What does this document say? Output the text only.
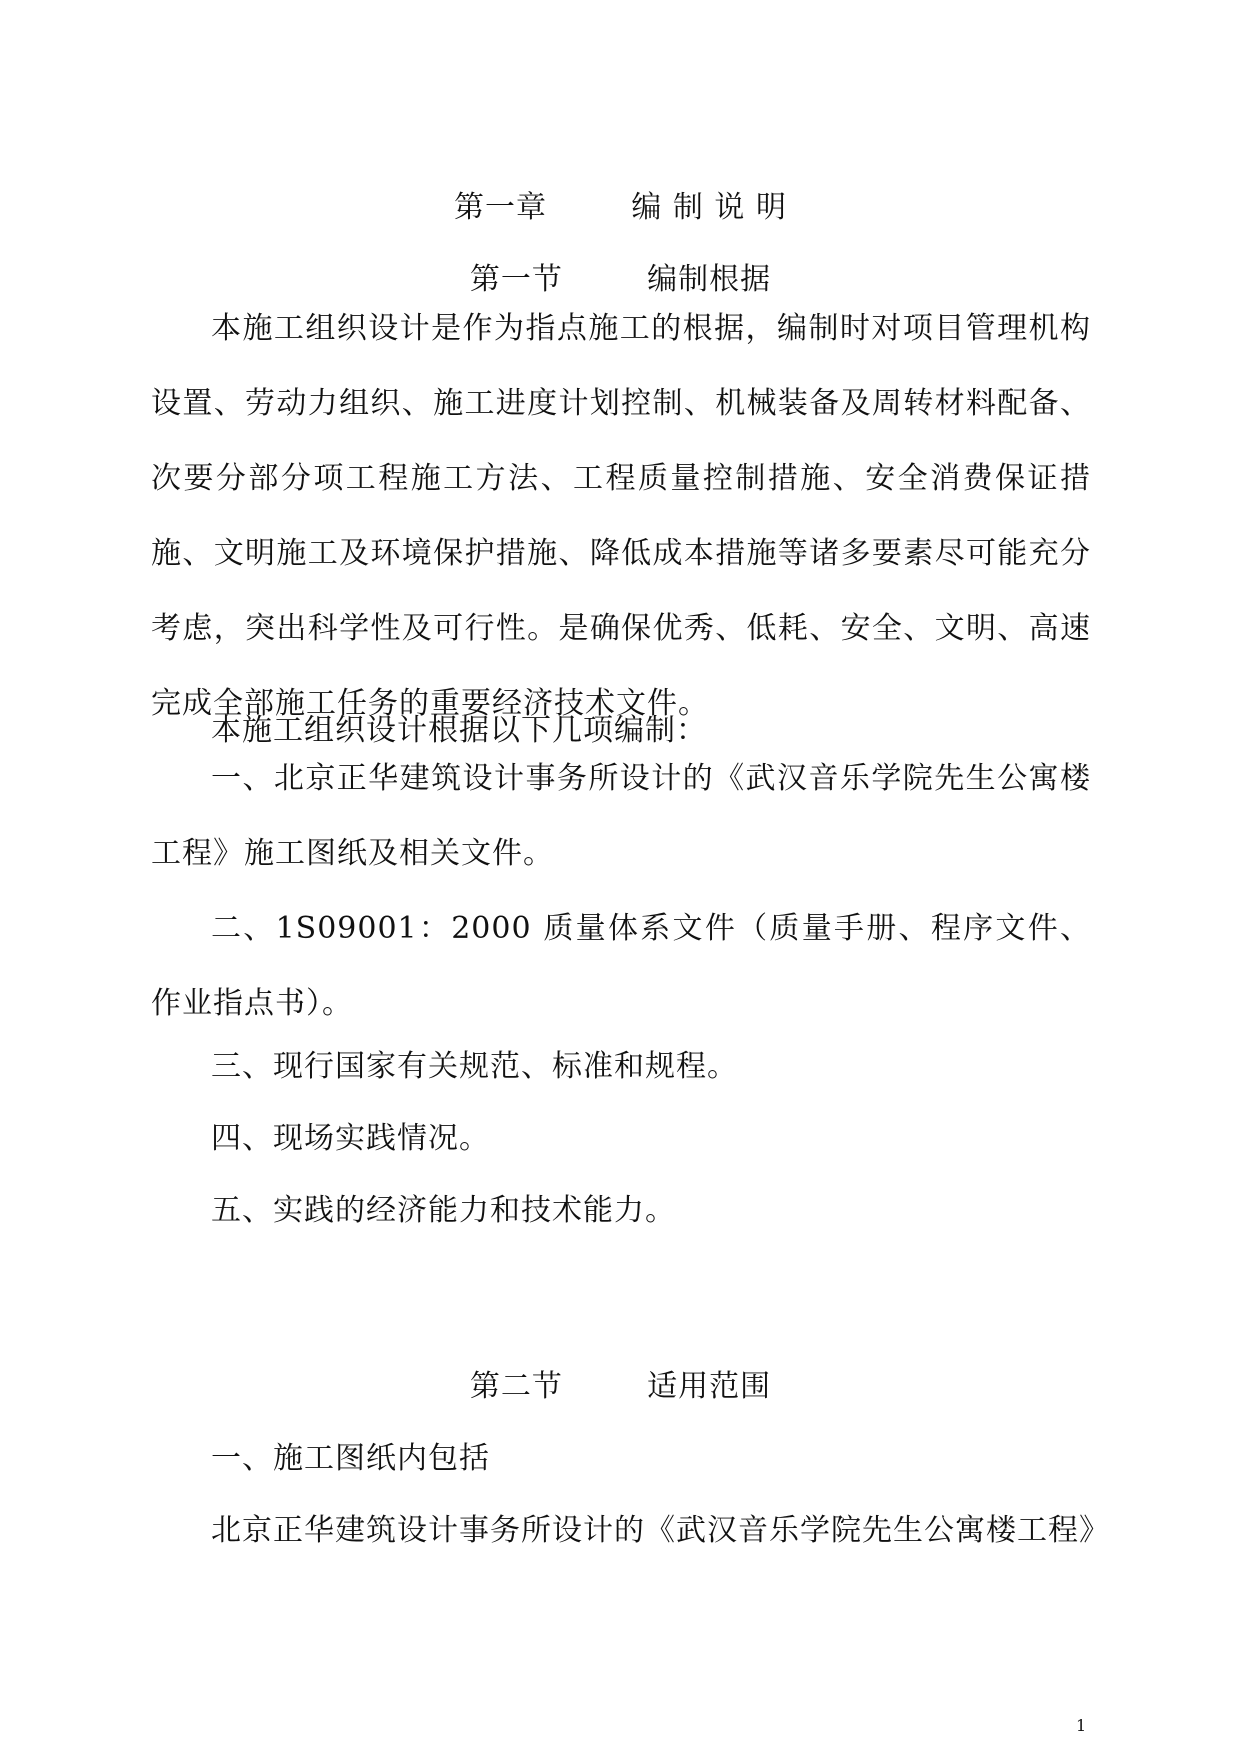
第一章        编 制 说 明
第一节        编制根据

本施工组织设计是作为指点施工的根据，编制时对项目管理机构设置、劳动力组织、施工进度计划控制、机械装备及周转材料配备、次要分部分项工程施工方法、工程质量控制措施、安全消费保证措施、文明施工及环境保护措施、降低成本措施等诸多要素尽可能充分考虑，突出科学性及可行性。是确保优秀、低耗、安全、文明、高速完成全部施工任务的重要经济技术文件。

本施工组织设计根据以下几项编制：

一、北京正华建筑设计事务所设计的《武汉音乐学院先生公寓楼工程》施工图纸及相关文件。

二、1S09001：2000 质量体系文件（质量手册、程序文件、作业指点书）。

三、现行国家有关规范、标准和规程。
四、现场实践情况。
五、实践的经济能力和技术能力。
第二节        适用范围
一、施工图纸内包括
北京正华建筑设计事务所设计的《武汉音乐学院先生公寓楼工程》
1
